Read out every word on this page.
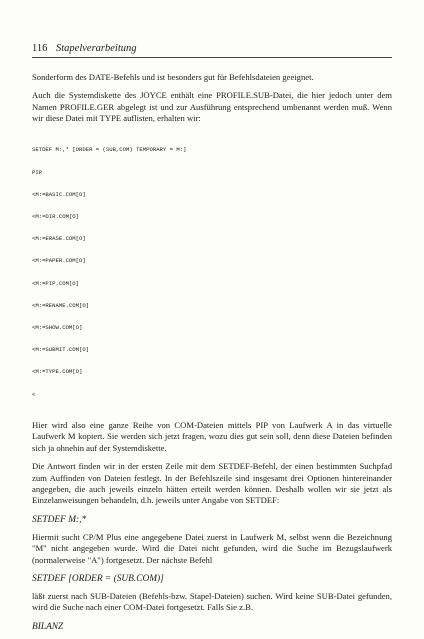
116 Stapelverarbeitung

Sonderform des DATE-Befehls und ist besonders gut für Befehlsdateien geeignet.

Auch die Systemdiskette des JOYCE enthält eine PROFILE.SUB-Datei, die hier jedoch unter dem Namen PROFILE.GER abgelegt ist und zur Ausführung entsprechend umbenannt werden muß. Wenn wir diese Datei mit TYPE auflisten, erhalten wir:

SETDEF M:,* [ORDER = (SUB,COM) TEMPORARY = M:]

PIP

<M:=BASIC.COM[O]

<M:=DIR.COM[O]

<M:=ERASE.COM[O]

<M:=PAPER.COM[O]

<M:=PIP.COM[O]

<M:=RENAME.COM[O]

<M:=SHOW.COM[O]

<M:=SUBMIT.COM[O]

<M:=TYPE.COM[O]

<

Hier wird also eine ganze Reihe von COM-Dateien mittels PIP von Laufwerk A in das virtuelle Laufwerk M kopiert. Sie werden sich jetzt fragen, wozu dies gut sein soll, denn diese Dateien befinden sich ja ohnehin auf der Systemdiskette.

Die Antwort finden wir in der ersten Zeile mit dem SETDEF-Befehl, der einen bestimmten Suchpfad zum Auffinden von Dateien festlegt. In der Befehlszeile sind insgesamt drei Optionen hintereinander angegeben, die auch jeweils einzeln hätten erteilt werden können. Deshalb wollen wir sie jetzt als Einzelanweisungen behandeln, d.h. jeweils unter Angabe von SETDEF:

SETDEF M:,*

Hiermit sucht CP/M Plus eine angegebene Datei zuerst in Laufwerk M, selbst wenn die Bezeichnung "M" nicht angegeben wurde. Wird die Datei nicht gefunden, wird die Suche im Bezugslaufwerk (normalerweise "A") fortgesetzt. Der nächste Befehl

SETDEF [ORDER = (SUB.COM)]

läßt zuerst nach SUB-Dateien (Befehls-bzw. Stapel-Dateien) suchen. Wird keine SUB-Datei gefunden, wird die Suche nach einer COM-Datei fortgesetzt. Falls Sie z.B.

BILANZ
